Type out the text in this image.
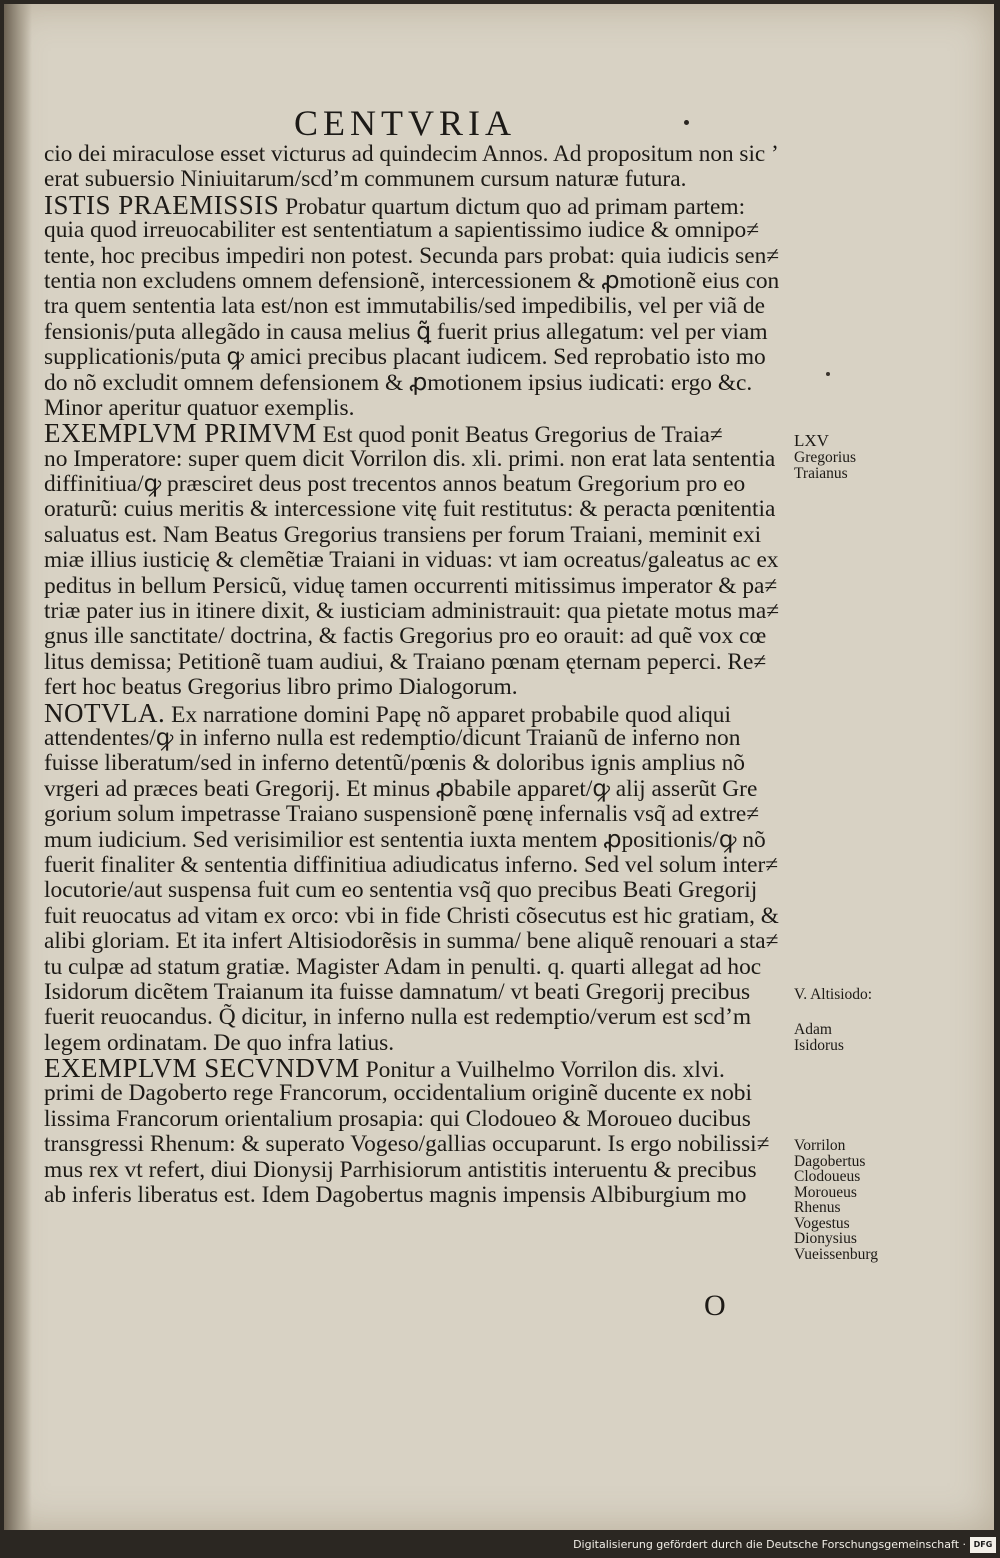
CENTVRIA
cio dei miraculose esset victurus ad quindecim Annos. Ad propositum non sic ’
erat subuersio Niniuitarum/scd’m communem cursum naturæ futura.
ISTIS PRAEMISSIS Probatur quartum dictum quo ad primam partem:
quia quod irreuocabiliter est sententiatum a sapientissimo iudice & omnipo≠
tente, hoc precibus impediri non potest. Secunda pars probat: quia iudicis sen≠
tentia non excludens omnem defensionẽ, intercessionem & ꝓmotionẽ eius con
tra quem sententia lata est/non est immutabilis/sed impedibilis, vel per viã de
fensionis/puta allegãdo in causa melius ꝗ̃ fuerit prius allegatum: vel per viam
supplicationis/puta ꝙ amici precibus placant iudicem. Sed reprobatio isto mo
do nõ excludit omnem defensionem & ꝓmotionem ipsius iudicati: ergo &c.
Minor aperitur quatuor exemplis.
EXEMPLVM PRIMVM Est quod ponit Beatus Gregorius de Traia≠
no Imperatore: super quem dicit Vorrilon dis. xli. primi. non erat lata sententia
diffinitiua/ꝙ præsciret deus post trecentos annos beatum Gregorium pro eo
oraturũ: cuius meritis & intercessione vitę fuit restitutus: & peracta pœnitentia
saluatus est. Nam Beatus Gregorius transiens per forum Traiani, meminit exi
miæ illius iusticię & clemẽtiæ Traiani in viduas: vt iam ocreatus/galeatus ac ex
peditus in bellum Persicũ, viduę tamen occurrenti mitissimus imperator & pa≠
triæ pater ius in itinere dixit, & iusticiam administrauit: qua pietate motus ma≠
gnus ille sanctitate/ doctrina, & factis Gregorius pro eo orauit: ad quẽ vox cœ
litus demissa; Petitionẽ tuam audiui, & Traiano pœnam ęternam peperci. Re≠
fert hoc beatus Gregorius libro primo Dialogorum.
NOTVLA. Ex narratione domini Papę nõ apparet probabile quod aliqui
attendentes/ꝙ in inferno nulla est redemptio/dicunt Traianũ de inferno non
fuisse liberatum/sed in inferno detentũ/pœnis & doloribus ignis amplius nõ
vrgeri ad præces beati Gregorij. Et minus ꝓbabile apparet/ꝙ alij asserũt Gre
gorium solum impetrasse Traiano suspensionẽ pœnę infernalis vsq̃ ad extre≠
mum iudicium. Sed verisimilior est sententia iuxta mentem ꝓpositionis/ꝙ nõ
fuerit finaliter & sententia diffinitiua adiudicatus inferno. Sed vel solum inter≠
locutorie/aut suspensa fuit cum eo sententia vsq̃ quo precibus Beati Gregorij
fuit reuocatus ad vitam ex orco: vbi in fide Christi cõsecutus est hic gratiam, &
alibi gloriam. Et ita infert Altisiodorẽsis in summa/ bene aliquẽ renouari a sta≠
tu culpæ ad statum gratiæ. Magister Adam in penulti. q. quarti allegat ad hoc
Isidorum dicẽtem Traianum ita fuisse damnatum/ vt beati Gregorij precibus
fuerit reuocandus. Q̃ dicitur, in inferno nulla est redemptio/verum est scd’m
legem ordinatam. De quo infra latius.
EXEMPLVM SECVNDVM Ponitur a Vuilhelmo Vorrilon dis. xlvi.
primi de Dagoberto rege Francorum, occidentalium originẽ ducente ex nobi
lissima Francorum orientalium prosapia: qui Clodoueo & Moroueo ducibus
transgressi Rhenum: & superato Vogeso/gallias occuparunt. Is ergo nobilissi≠
mus rex vt refert, diui Dionysij Parrhisiorum antistitis interuentu & precibus
ab inferis liberatus est. Idem Dagobertus magnis impensis Albiburgium mo
LXV
Gregorius
Traianus
V. Altisiodo:
Adam
Isidorus
Vorrilon
Dagobertus
Clodoueus
Moroueus
Rhenus
Vogestus
Dionysius
Vueissenburg
O
Digitalisierung gefördert durch die Deutsche Forschungsgemeinschaft · DFG
